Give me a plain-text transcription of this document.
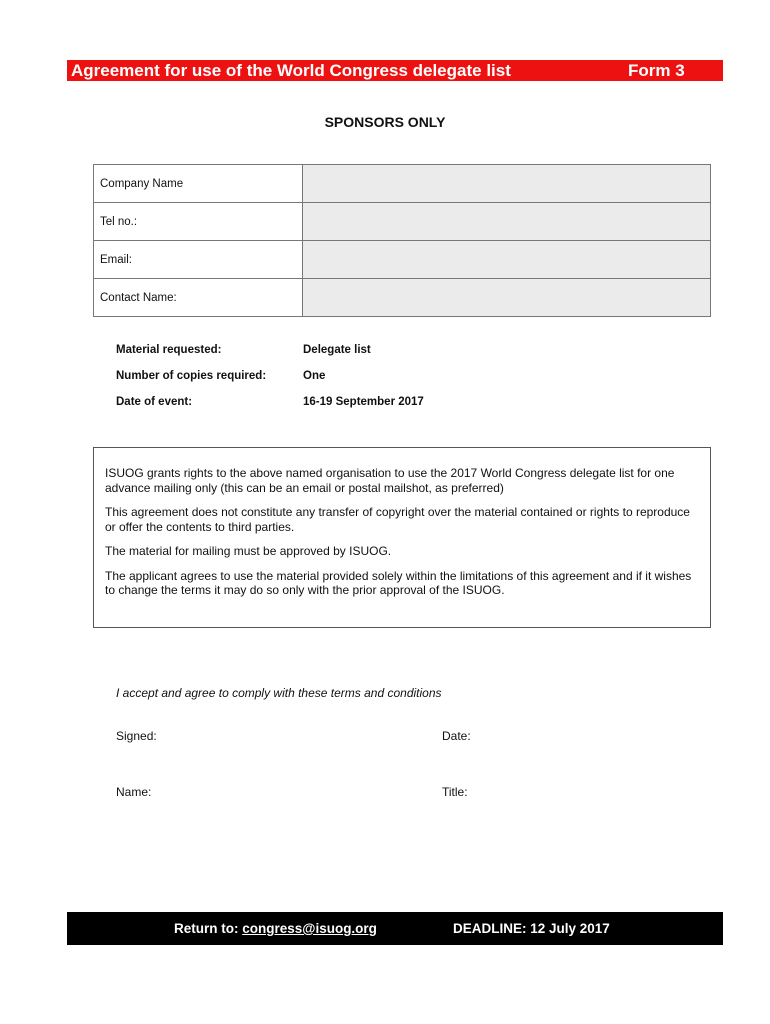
Agreement for use of the World Congress delegate list	Form 3
SPONSORS ONLY
Company Name	
Tel no.:	
Email:	
Contact Name:	
Material requested:	Delegate list
Number of copies required:	One
Date of event:	16-19 September 2017

ISUOG grants rights to the above named organisation to use the 2017 World Congress delegate list for one advance mailing only (this can be an email or postal mailshot, as preferred)

This agreement does not constitute any transfer of copyright over the material contained or rights to reproduce or offer the contents to third parties.

The material for mailing must be approved by ISUOG.

The applicant agrees to use the material provided solely within the limitations of this agreement and if it wishes to change the terms it may do so only with the prior approval of the ISUOG.

I accept and agree to comply with these terms and conditions
Signed:	Date:
Name:	Title:
Return to: congress@isuog.org	DEADLINE: 12 July 2017
